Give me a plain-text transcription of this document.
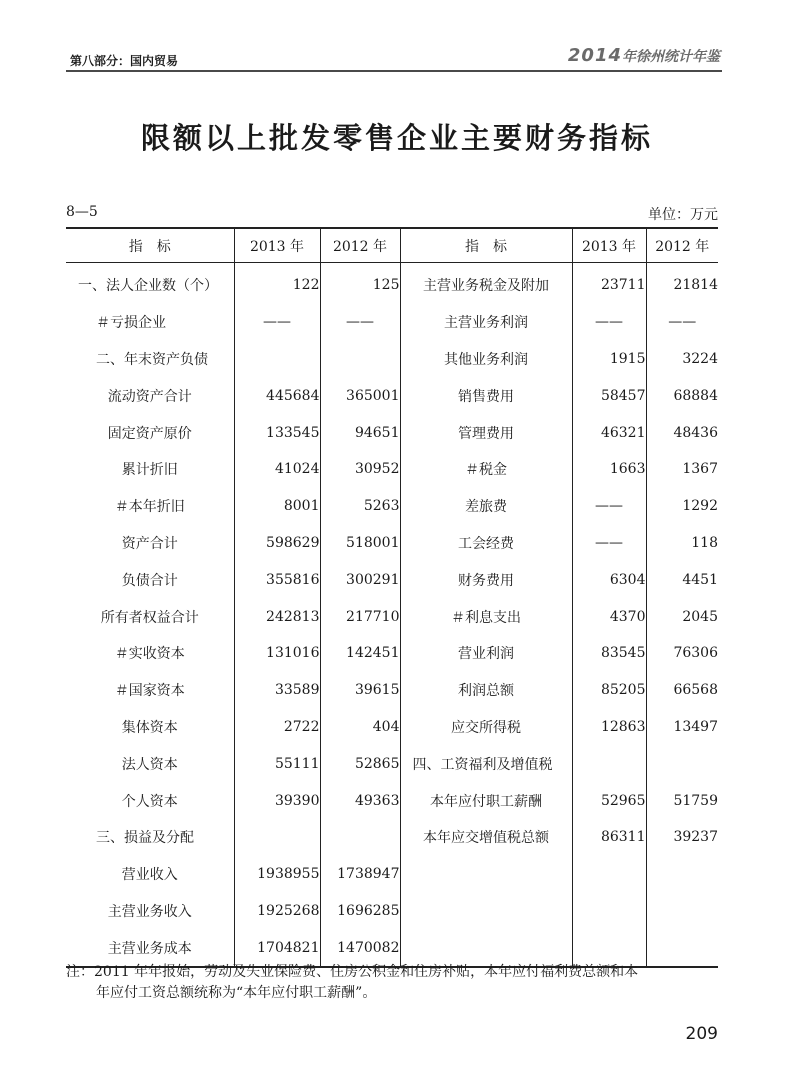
第八部分：国内贸易	2014年徐州统计年鉴
限额以上批发零售企业主要财务指标
8—5	单位：万元
指　标	2013 年	2012 年	指　标	2013 年	2012 年
一、法人企业数（个）	122	125	主营业务税金及附加	23711	21814
＃亏损企业	——	——	主营业务利润	——	——
二、年末资产负债			其他业务利润	1915	3224
流动资产合计	445684	365001	销售费用	58457	68884
固定资产原价	133545	94651	管理费用	46321	48436
累计折旧	41024	30952	＃税金	1663	1367
＃本年折旧	8001	5263	差旅费	——	1292
资产合计	598629	518001	工会经费	——	118
负债合计	355816	300291	财务费用	6304	4451
所有者权益合计	242813	217710	＃利息支出	4370	2045
＃实收资本	131016	142451	营业利润	83545	76306
＃国家资本	33589	39615	利润总额	85205	66568
集体资本	2722	404	应交所得税	12863	13497
法人资本	55111	52865	四、工资福利及增值税		
个人资本	39390	49363	本年应付职工薪酬	52965	51759
三、损益及分配			本年应交增值税总额	86311	39237
营业收入	1938955	1738947			
主营业务收入	1925268	1696285			
主营业务成本	1704821	1470082			
注：2011 年年报始，劳动及失业保险费、住房公积金和住房补贴，本年应付福利费总额和本
年应付工资总额统称为“本年应付职工薪酬”。
209
